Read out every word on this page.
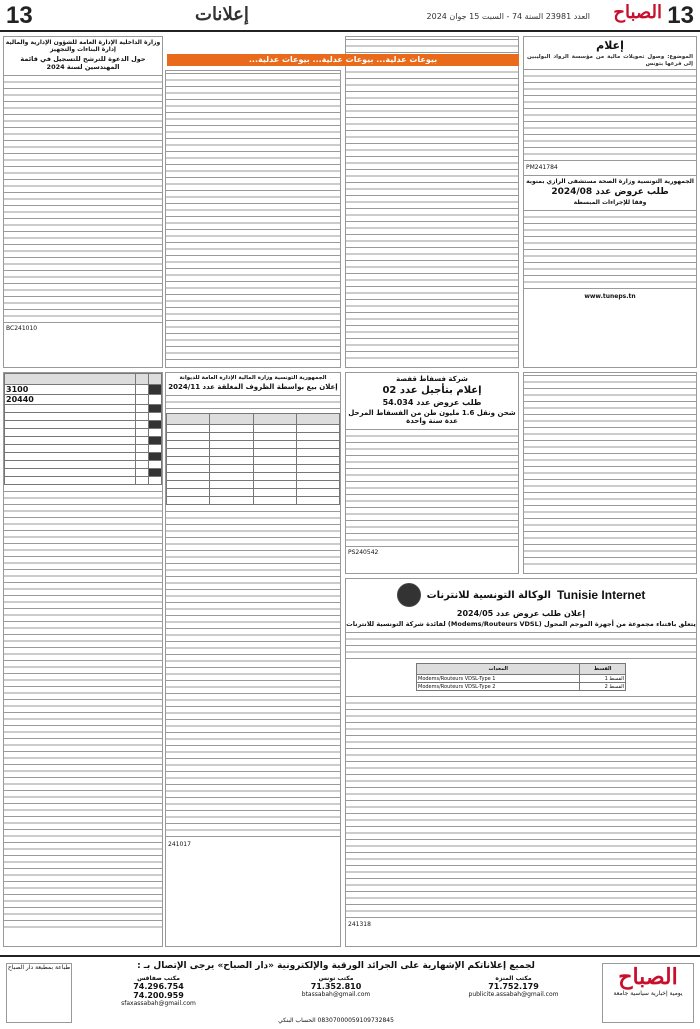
13
الصباح
العدد 23981 السنة 74 - السبت 15 جوان 2024
إعلانات
13
إعلام
الموضوع: وصول تحويلات مالية من مؤسسة الرواد البوليبين إلى فرعها بتونس
PM241784
الجمهورية التونسية وزارة الصحة مستشفى الرازي بمنوبة
طلب عروض عدد 2024/08
وفقا للإجراءات المبسطة
www.tuneps.tn
بيوعات عدلية... بيوعات عدلية... بيوعات عدلية...
وزارة الداخلية الإدارة العامة للشؤون الإدارية والمالية إدارة البناءات والتجهيز
حول الدعوة للترشح للتسجيل في قائمة المهندسين لسنة 2024
BC241010
شركة فسفاط قفصة
إعلام بتأجيل عدد 02
طلب عروض عدد 54.034
شحن ونقل 1.6 مليون طن من الفسفاط المرحل عدة سنة واحدة
PS240542
الجمهورية التونسية وزارة المالية الإدارة العامة للديوانة
إعلان بيع بواسطة الظروف المغلقة عدد 2024/11

241017
Tunisie Internet
الوكالة التونسية للانترنات
إعلان طلب عروض عدد 2024/05
يتعلق باقتناء مجموعة من أجهزة الموجم المحول (Modems/Routeurs VDSL) لفائدة شركة التونسية للانترنات
الفسط	المعدات
القسط 1	Modems/Routeurs VDSL-Type 1
القسط 2	Modems/Routeurs VDSL-Type 2
241318

		3100
		20440

الصباح
يومية إخبارية سياسية جامعة
لجميع إعلاناتكم الإشهارية على الجرائد الورقية والإلكترونية «دار الصباح» يرجى الإتصال بـ :
مكتب المنزه
71.752.179
publicite.assabah@gmail.com
مكتب تونس
71.352.810
btassabah@gmail.com
مكتب صفاقس
74.296.754
74.200.959
sfaxassabah@gmail.com
08307000059109732845 الحساب البنكي
طباعة بمطبعة دار الصباح
